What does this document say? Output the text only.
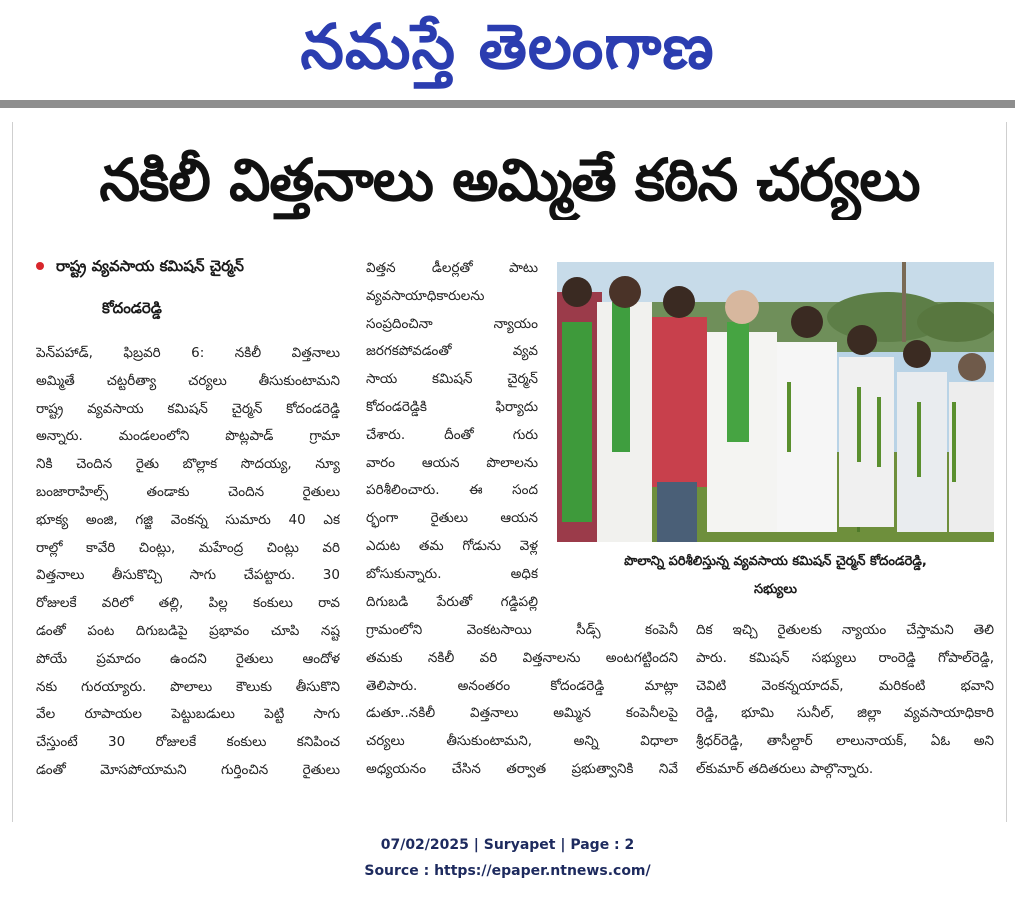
నమస్తే తెలంగాణ
నకిలీ విత్తనాలు అమ్మితే కఠిన చర్యలు
రాష్ట్ర వ్యవసాయ కమిషన్ చైర్మన్
కోదండరెడ్డి
పెన్‌పహాడ్, ఫిబ్రవరి 6: నకిలీ విత్తనాలు
అమ్మితే చట్టరీత్యా చర్యలు తీసుకుంటామని
రాష్ట్ర వ్యవసాయ కమిషన్ చైర్మన్ కోదండరెడ్డి
అన్నారు. మండలంలోని పొట్లపాడ్ గ్రామా
నికి చెందిన రైతు బొల్లాక సొదయ్య, న్యూ
బంజారాహిల్స్ తండాకు చెందిన రైతులు
భూక్య అంజి, గజ్జి వెంకన్న సుమారు 40 ఎక
రాల్లో కావేరి చింట్లు, మహేంద్ర చింట్లు వరి
విత్తనాలు తీసుకొచ్చి సాగు చేపట్టారు. 30
రోజులకే వరిలో తల్లి, పిల్ల కంకులు రావ
డంతో పంట దిగుబడిపై ప్రభావం చూపి నష్ట
పోయే ప్రమాదం ఉందని రైతులు ఆందోళ
నకు గురయ్యారు. పొలాలు కౌలుకు తీసుకొని
వేల రూపాయల పెట్టుబడులు పెట్టి సాగు
చేస్తుంటే 30 రోజులకే కంకులు కనిపించ
డంతో మోసపోయామని గుర్తించిన రైతులు
విత్తన డీలర్లతో పాటు
వ్యవసాయాధికారులను
సంప్రదించినా న్యాయం
జరగకపోవడంతో వ్యవ
సాయ కమిషన్ చైర్మన్
కోదండరెడ్డికి ఫిర్యాదు
చేశారు. దీంతో గురు
వారం ఆయన పొలాలను
పరిశీలించారు. ఈ సంద
ర్భంగా రైతులు ఆయన
ఎదుట తమ గోడును వెళ్ల
బోసుకున్నారు. అధిక
దిగుబడి పేరుతో గడ్డిపల్లి
పొలాన్ని పరిశీలిస్తున్న వ్యవసాయ కమిషన్ చైర్మన్ కోదండరెడ్డి,
సభ్యులు
గ్రామంలోని వెంకటసాయి సీడ్స్ కంపెనీ
తమకు నకిలీ వరి విత్తనాలను అంటగట్టిందని
తెలిపారు. అనంతరం కోదండరెడ్డి మాట్లా
డుతూ..నకిలీ విత్తనాలు అమ్మిన కంపెనీలపై
చర్యలు తీసుకుంటామని, అన్ని విధాలా
అధ్యయనం చేసిన తర్వాత ప్రభుత్వానికి నివే
దిక ఇచ్చి రైతులకు న్యాయం చేస్తామని తెలి
పారు. కమిషన్ సభ్యులు రాంరెడ్డి గోపాల్‌రెడ్డి,
చెవిటి వెంకన్నయాదవ్, మరికంటి భవాని
రెడ్డి, భూమి సునీల్, జిల్లా వ్యవసాయాధికారి
శ్రీధర్‌రెడ్డి, తాసీల్దార్ లాలునాయక్, ఏఓ అని
ల్‌కుమార్ తదితరులు పాల్గొన్నారు.
07/02/2025 | Suryapet | Page : 2
Source : https://epaper.ntnews.com/
